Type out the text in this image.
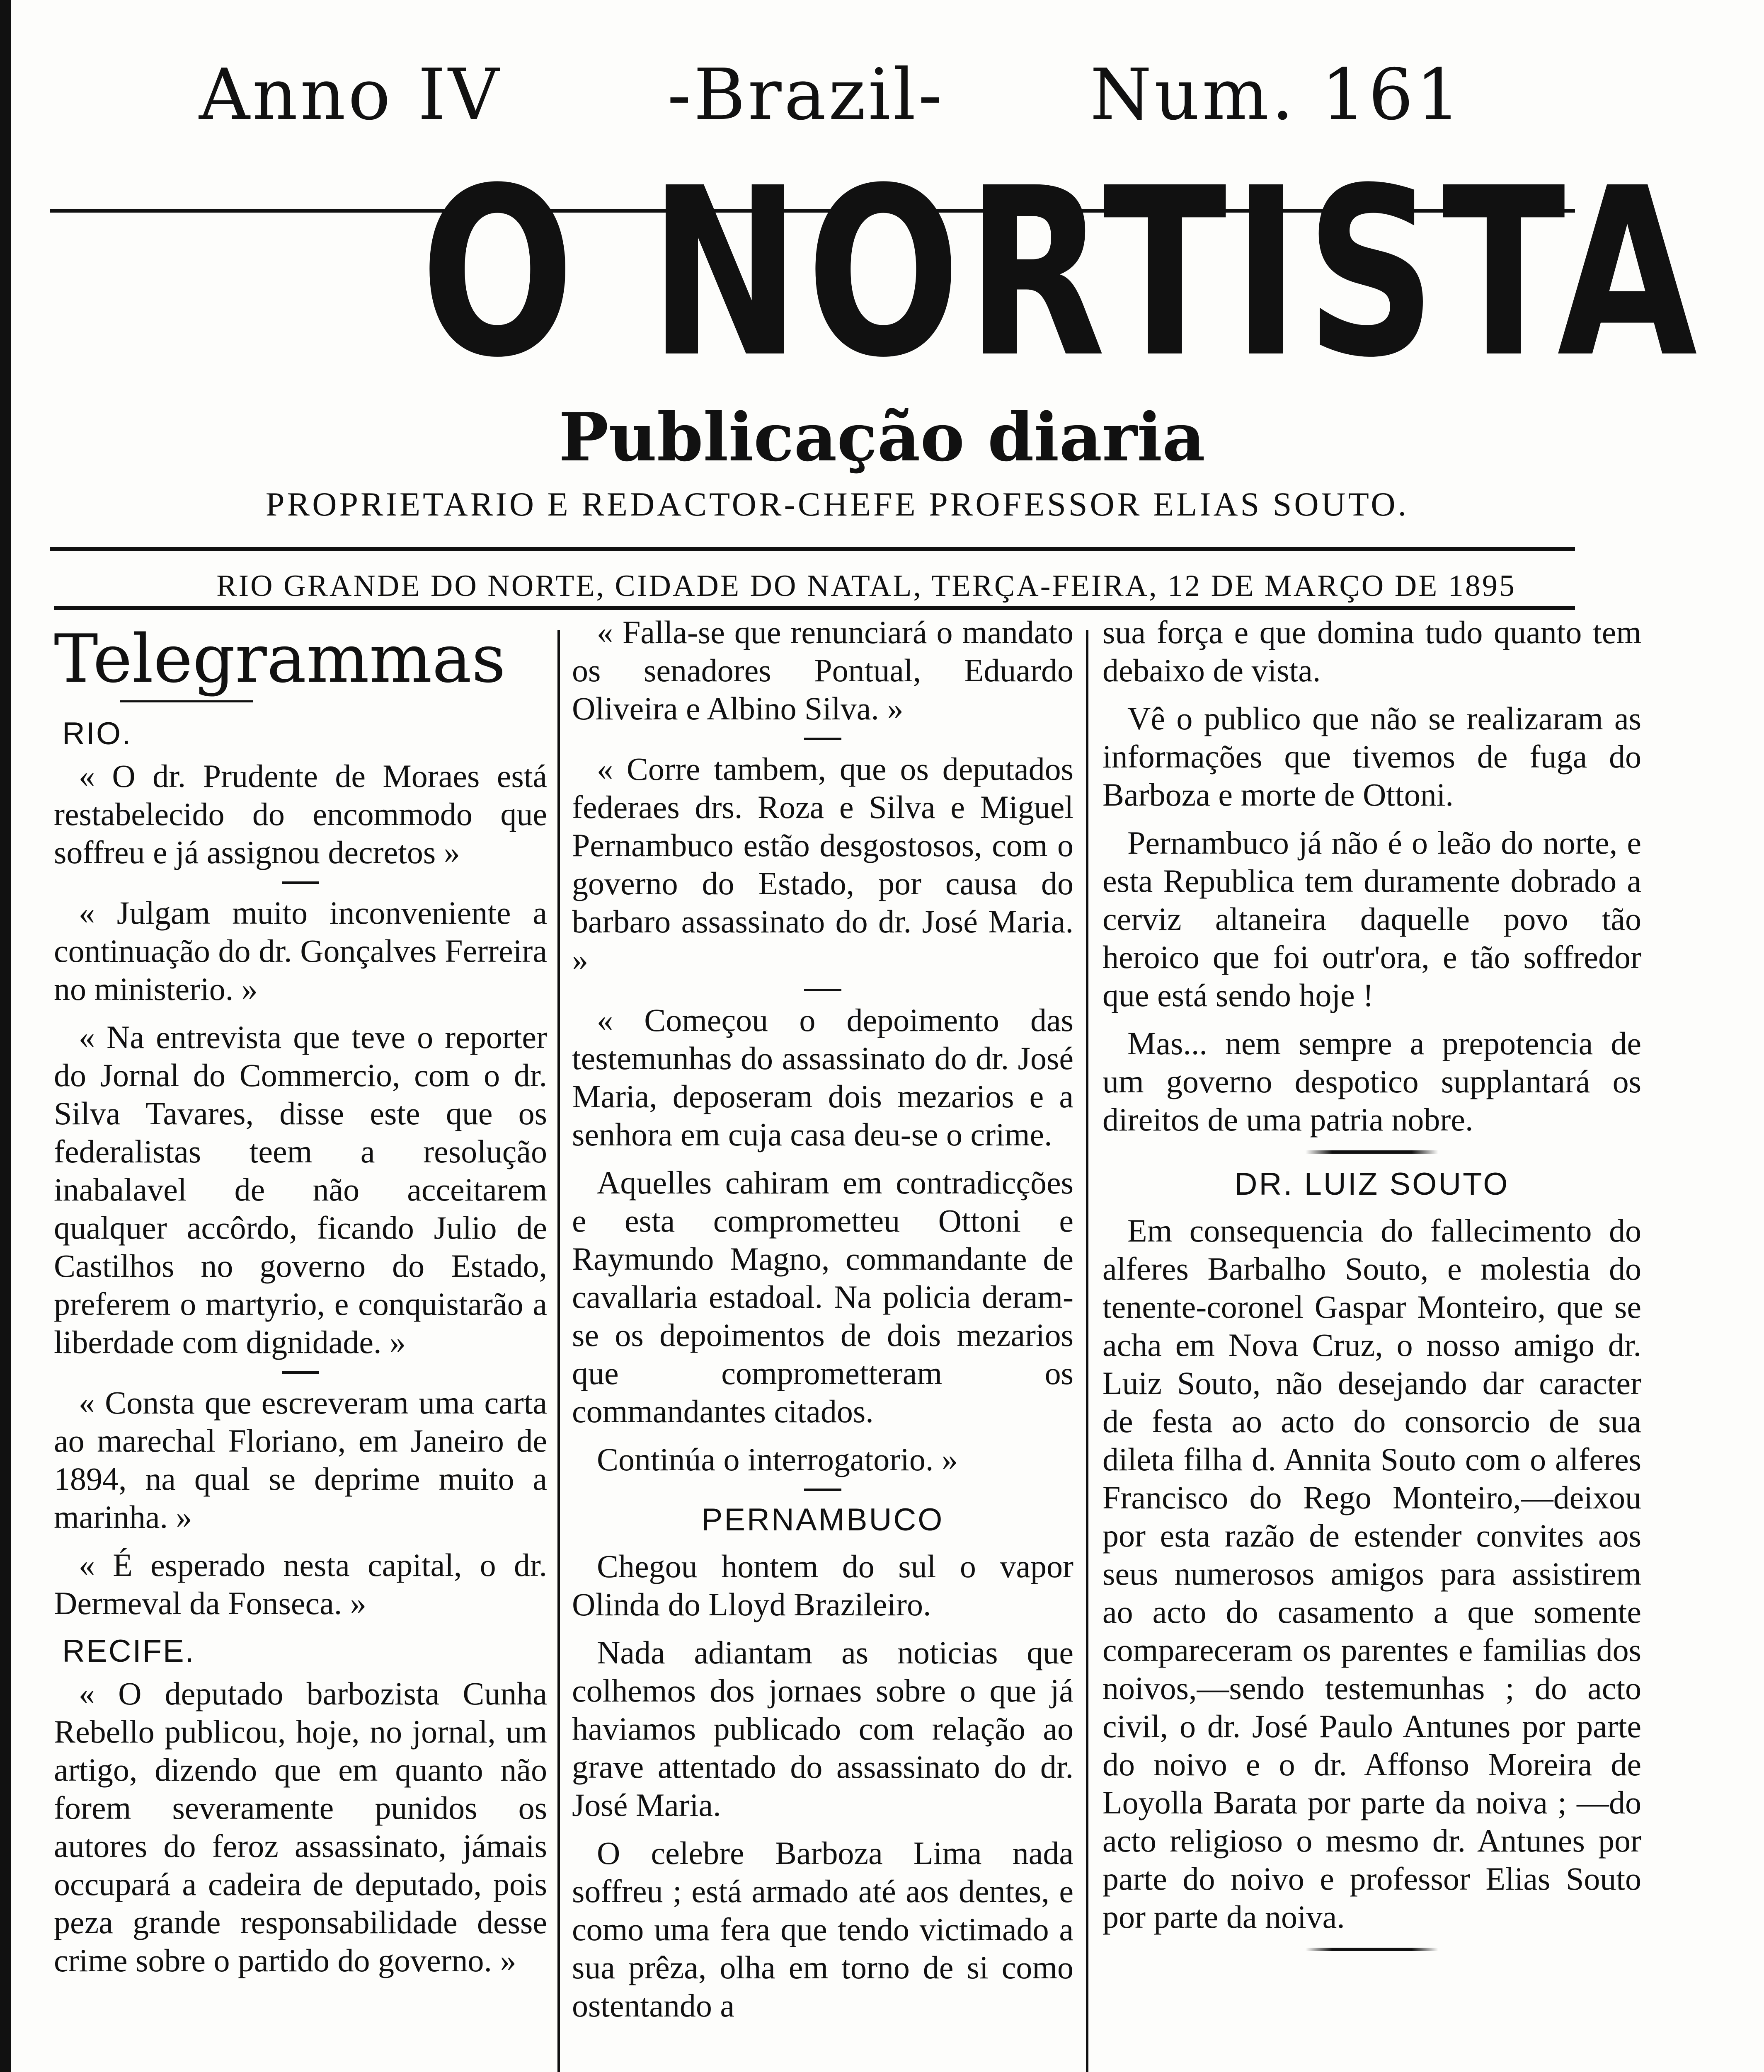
Anno IV -Brazil- Num. 161
O NORTISTA
Publicação diaria
PROPRIETARIO E REDACTOR-CHEFE PROFESSOR ELIAS SOUTO.
RIO GRANDE DO NORTE, CIDADE DO NATAL, TERÇA-FEIRA, 12 DE MARÇO DE 1895

Telegrammas

RIO.

« O dr. Prudente de Moraes está restabelecido do encommodo que soffreu e já assignou decretos »

« Julgam muito inconveniente a continuação do dr. Gonçalves Ferreira no ministerio. »

« Na entrevista que teve o reporter do Jornal do Commercio, com o dr. Silva Tavares, disse este que os federalistas teem a resolução inabalavel de não acceitarem qualquer accôrdo, ficando Julio de Castilhos no governo do Estado, preferem o martyrio, e conquistarão a liberdade com dignidade. »

« Consta que escreveram uma carta ao marechal Floriano, em Janeiro de 1894, na qual se deprime muito a marinha. »

« É esperado nesta capital, o dr. Dermeval da Fonseca. »

RECIFE.

« O deputado barbozista Cunha Rebello publicou, hoje, no jornal, um artigo, dizendo que em quanto não forem severamente punidos os autores do feroz assassinato, jámais occupará a cadeira de deputado, pois peza grande responsabilidade desse crime sobre o partido do governo. »

« Falla-se que renunciará o mandato os senadores Pontual, Eduardo Oliveira e Albino Silva. »

« Corre tambem, que os deputados federaes drs. Roza e Silva e Miguel Pernambuco estão desgostosos, com o governo do Estado, por causa do barbaro assassinato do dr. José Maria. »

« Começou o depoimento das testemunhas do assassinato do dr. José Maria, deposeram dois mezarios e a senhora em cuja casa deu-se o crime.

Aquelles cahiram em contradicções e esta comprometteu Ottoni e Raymundo Magno, commandante de cavallaria estadoal. Na policia deram-se os depoimentos de dois mezarios que comprometteram os commandantes citados.

Continúa o interrogatorio. »

PERNAMBUCO

Chegou hontem do sul o vapor Olinda do Lloyd Brazileiro.

Nada adiantam as noticias que colhemos dos jornaes sobre o que já haviamos publicado com relação ao grave attentado do assassinato do dr. José Maria.

O celebre Barboza Lima nada soffreu ; está armado até aos dentes, e como uma fera que tendo victimado a sua prêza, olha em torno de si como ostentando a

sua força e que domina tudo quanto tem debaixo de vista.

Vê o publico que não se realizaram as informações que tivemos de fuga do Barboza e morte de Ottoni.

Pernambuco já não é o leão do norte, e esta Republica tem duramente dobrado a cerviz altaneira daquelle povo tão heroico que foi outr'ora, e tão soffredor que está sendo hoje !

Mas... nem sempre a prepotencia de um governo despotico supplantará os direitos de uma patria nobre.

DR. LUIZ SOUTO

Em consequencia do fallecimento do alferes Barbalho Souto, e molestia do tenente-coronel Gaspar Monteiro, que se acha em Nova Cruz, o nosso amigo dr. Luiz Souto, não desejando dar caracter de festa ao acto do consorcio de sua dileta filha d. Annita Souto com o alferes Francisco do Rego Monteiro,—deixou por esta razão de estender convites aos seus numerosos amigos para assistirem ao acto do casamento a que somente compareceram os parentes e familias dos noivos,—sendo testemunhas ; do acto civil, o dr. José Paulo Antunes por parte do noivo e o dr. Affonso Moreira de Loyolla Barata por parte da noiva ; —do acto religioso o mesmo dr. Antunes por parte do noivo e professor Elias Souto por parte da noiva.
